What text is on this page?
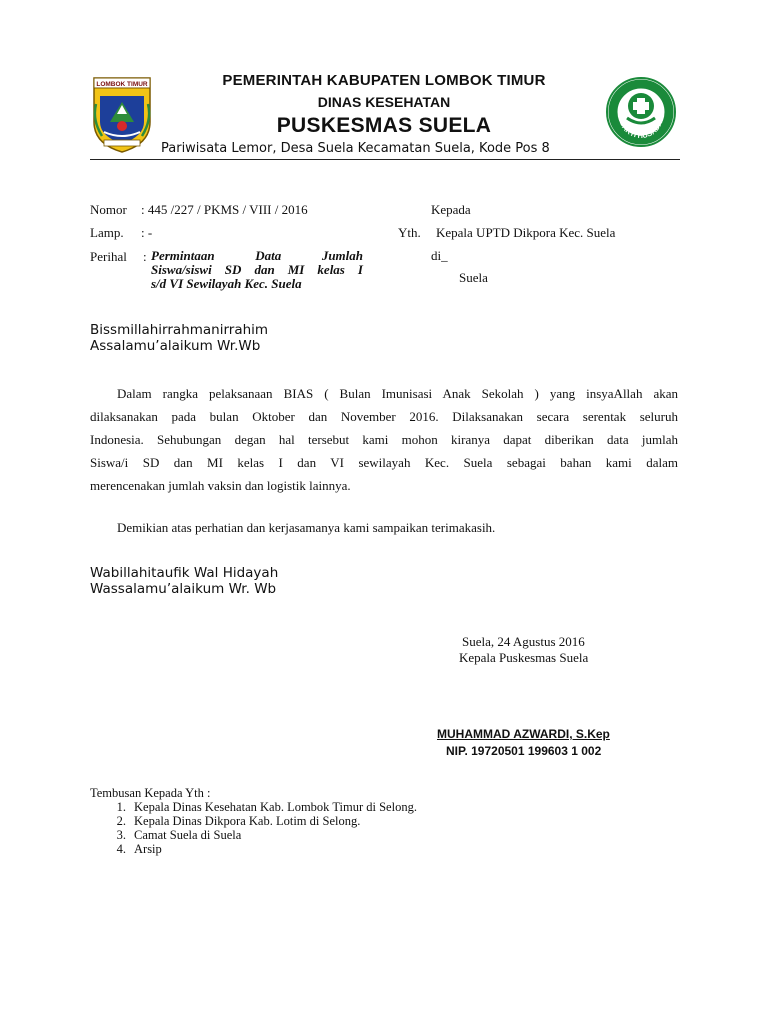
LOMBOK TIMUR
BAKTI HUSADA
PEMERINTAH KABUPATEN LOMBOK TIMUR
DINAS KESEHATAN
PUSKESMAS SUELA
Pariwisata Lemor, Desa Suela Kecamatan Suela, Kode Pos 8
Nomor : 445 /227 / PKMS / VIII / 2016
Lamp. : -
Perihal : Permintaan Data Jumlah
Siswa/siswi SD dan MI kelas I
s/d VI Sewilayah Kec. Suela
Kepada
Yth. Kepala UPTD Dikpora Kec. Suela
di_
Suela
Bissmillahirrahmanirrahim
Assalamu’alaikum Wr.Wb
Dalam rangka pelaksanaan BIAS ( Bulan Imunisasi Anak Sekolah ) yang insyaAllah akan
dilaksanakan pada bulan Oktober dan November 2016. Dilaksanakan secara serentak seluruh
Indonesia. Sehubungan degan hal tersebut kami mohon kiranya dapat diberikan data jumlah
Siswa/i SD dan MI kelas I dan VI sewilayah Kec. Suela sebagai bahan kami dalam
merencenakan jumlah vaksin dan logistik lainnya.
Demikian atas perhatian dan kerjasamanya kami sampaikan terimakasih.
Wabillahitaufik Wal Hidayah
Wassalamu’alaikum Wr. Wb
Suela, 24 Agustus 2016
Kepala Puskesmas Suela
MUHAMMAD AZWARDI, S.Kep
NIP. 19720501 199603 1 002
Tembusan Kepada Yth :
1. Kepala Dinas Kesehatan Kab. Lombok Timur di Selong.
2. Kepala Dinas Dikpora Kab. Lotim di Selong.
3. Camat Suela di Suela
4. Arsip
